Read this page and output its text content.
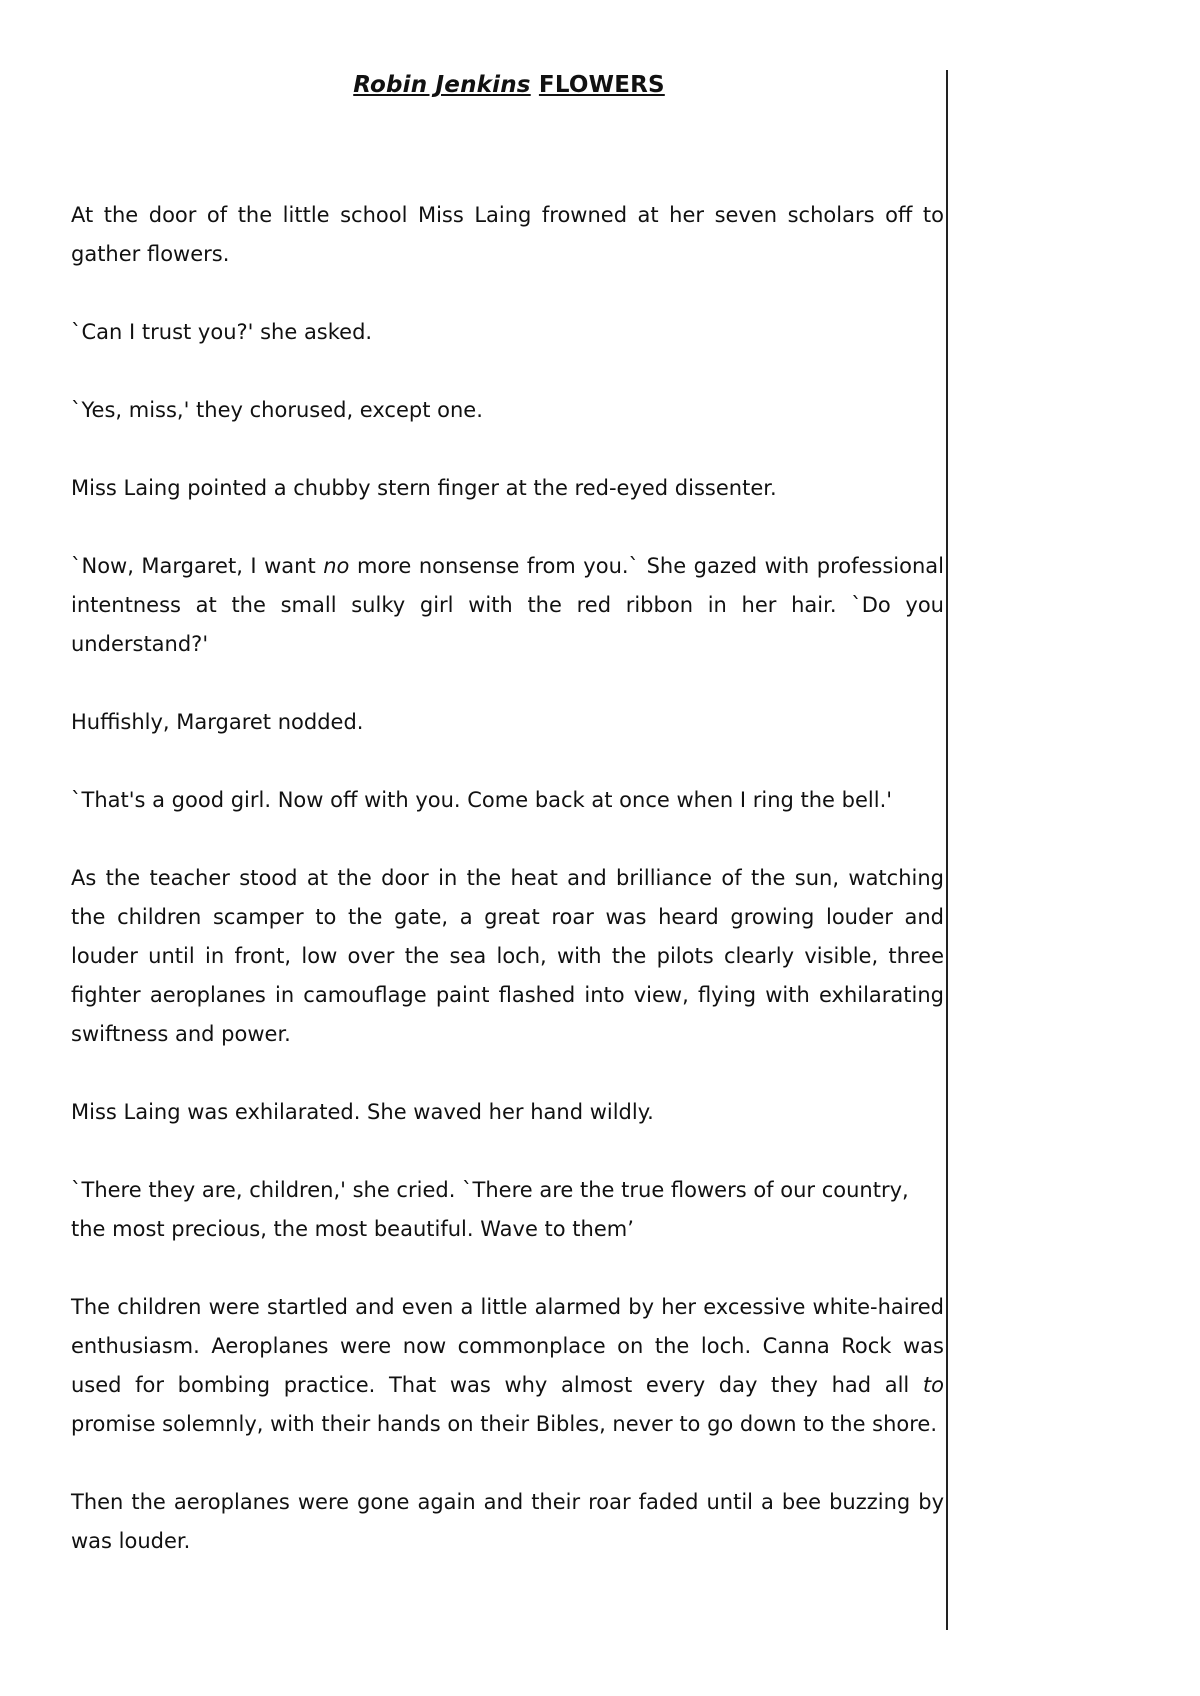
Robin Jenkins FLOWERS

At the door of the little school Miss Laing frowned at her seven scholars off to gather flowers.

`Can I trust you?' she asked.

`Yes, miss,' they chorused, except one.

Miss Laing pointed a chubby stern finger at the red-eyed dissenter.

`Now, Margaret, I want no more nonsense from you.` She gazed with professional intentness at the small sulky girl with the red ribbon in her hair. `Do you understand?'

Huffishly, Margaret nodded.

`That's a good girl. Now off with you. Come back at once when I ring the bell.'

As the teacher stood at the door in the heat and brilliance of the sun, watching the children scamper to the gate, a great roar was heard growing louder and louder until in front, low over the sea loch, with the pilots clearly visible, three fighter aeroplanes in camouflage paint flashed into view, flying with exhilarating swiftness and power.

Miss Laing was exhilarated. She waved her hand wildly.

`There they are, children,' she cried. `There are the true flowers of our country, the most precious, the most beautiful. Wave to them’

The children were startled and even a little alarmed by her excessive white-haired enthusiasm. Aeroplanes were now commonplace on the loch. Canna Rock was used for bombing practice. That was why almost every day they had all to promise solemnly, with their hands on their Bibles, never to go down to the shore.

Then the aeroplanes were gone again and their roar faded until a bee buzzing by was louder.
